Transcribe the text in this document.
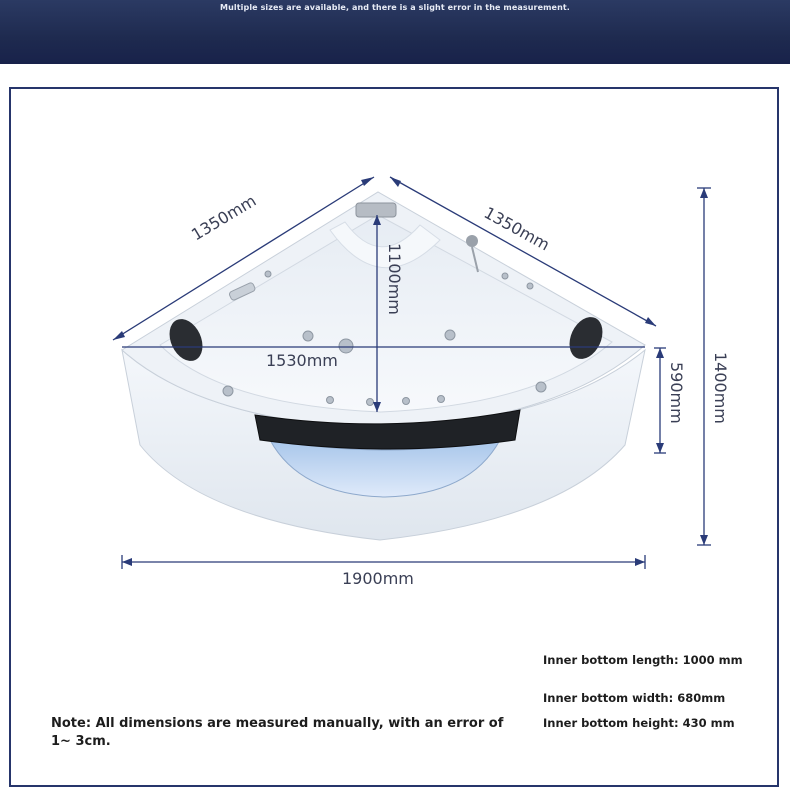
Multiple sizes are available, and there is a slight error in the measurement.
1350mm	1350mm
1100mm
1530mm
590mm 1400mm
1900mm
Note: All dimensions are measured manually, with an error of 1~ 3cm.
Inner bottom length: 1000 mm
Inner bottom width: 680mm
Inner bottom height: 430 mm
